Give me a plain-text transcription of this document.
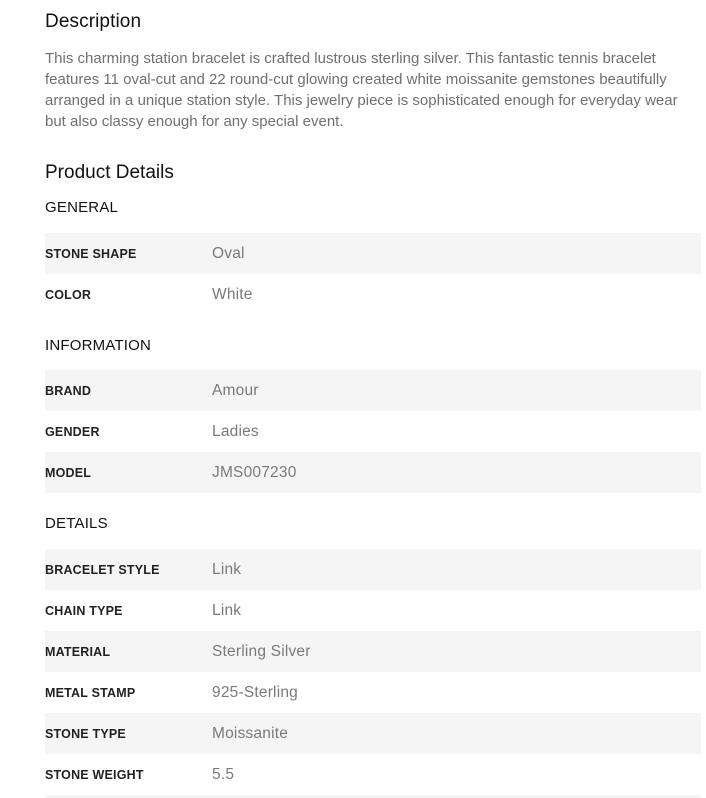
Description

This charming station bracelet is crafted lustrous sterling silver. This fantastic tennis bracelet features 11 oval-cut and 22 round-cut glowing created white moissanite gemstones beautifully arranged in a unique station style. This jewelry piece is sophisticated enough for everyday wear but also classy enough for any special event.

Product Details
GENERAL
STONE SHAPE	Oval
COLOR	White
INFORMATION
BRAND	Amour
GENDER	Ladies
MODEL	JMS007230
DETAILS
BRACELET STYLE	Link
CHAIN TYPE	Link
MATERIAL	Sterling Silver
METAL STAMP	925-Sterling
STONE TYPE	Moissanite
STONE WEIGHT	5.5
